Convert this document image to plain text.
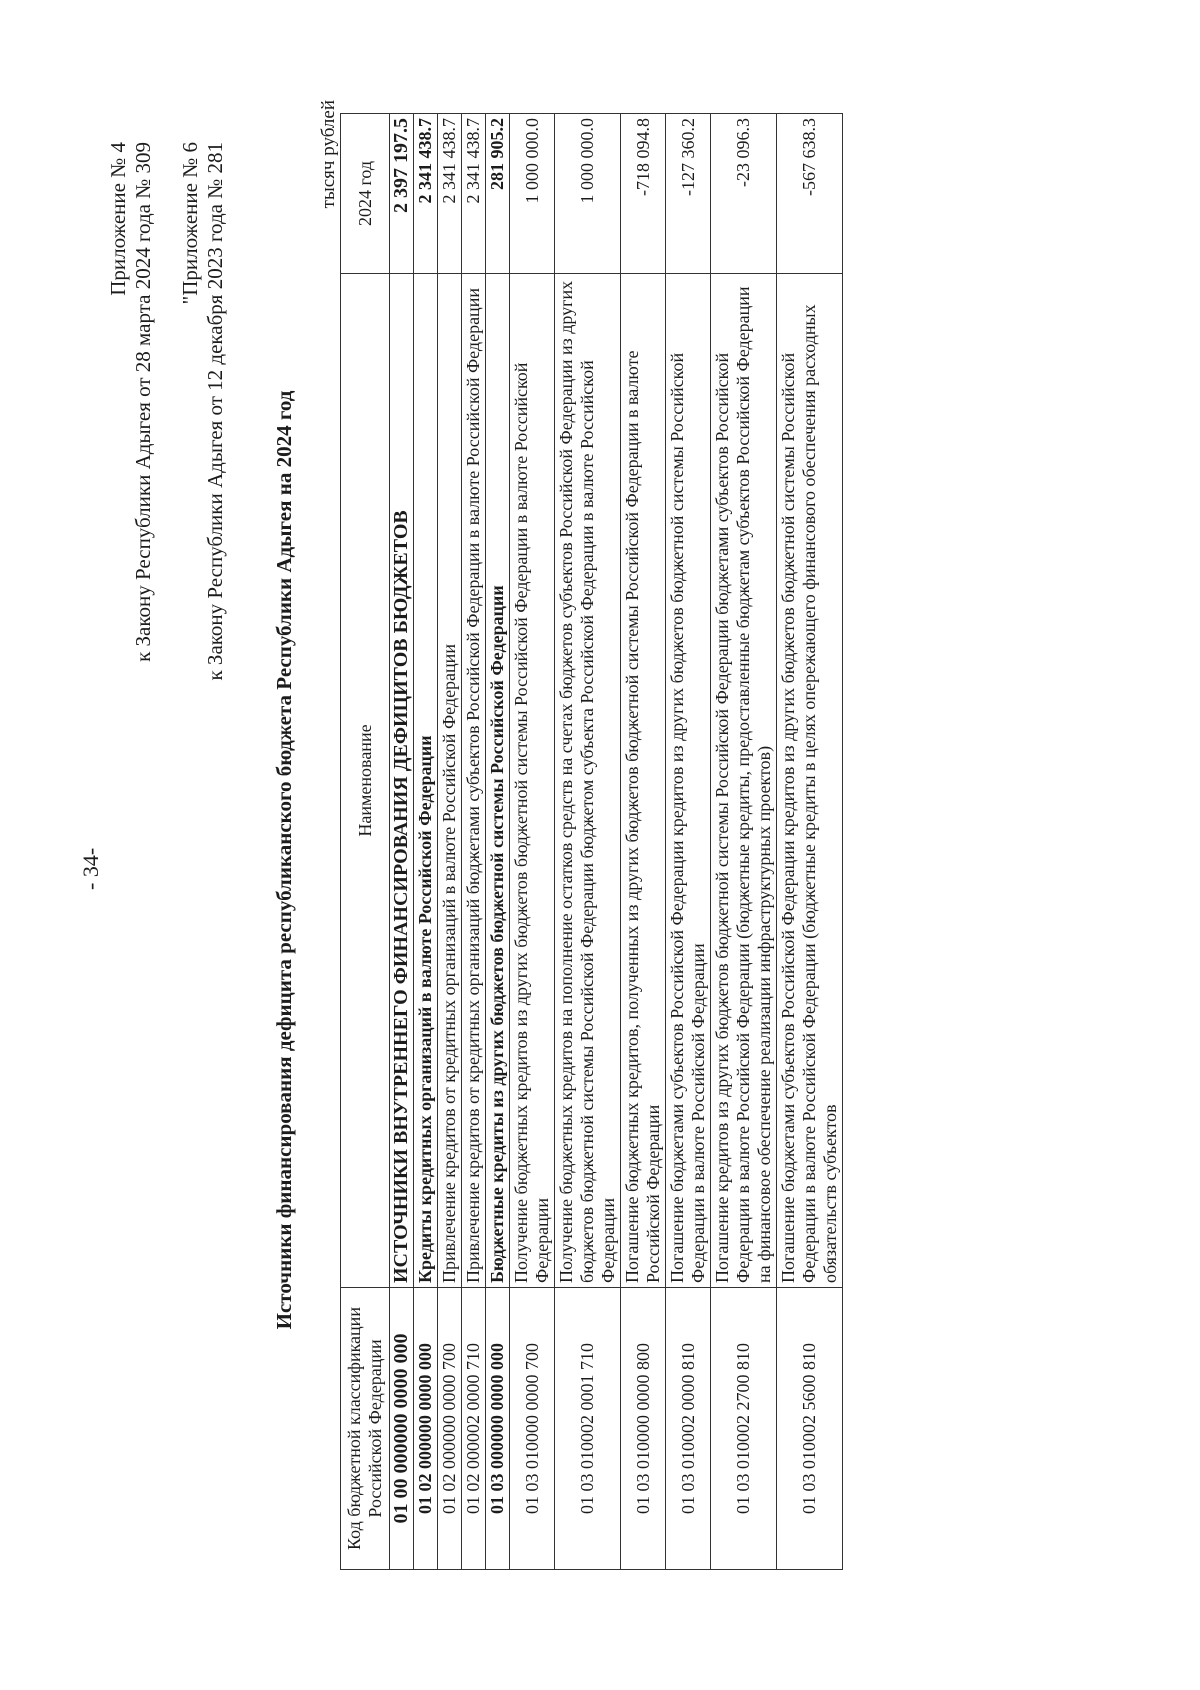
- 34-
Приложение № 4 к Закону Республики Адыгея от 28 марта 2024 года № 309 "Приложение № 6 к Закону Республики Адыгея от 12 декабря 2023 года № 281 Источники финансирования дефицита республиканского бюджета Республики Адыгея на 2024 год
тысяч рублей
Код бюджетной классификации Российской Федерации	Наименование	2024 год
01 00 000000 0000 000	ИСТОЧНИКИ ВНУТРЕННЕГО ФИНАНСИРОВАНИЯ ДЕФИЦИТОВ БЮДЖЕТОВ	2 397 197.5
01 02 000000 0000 000	Кредиты кредитных организаций в валюте Российской Федерации	2 341 438.7
01 02 000000 0000 700	Привлечение кредитов от кредитных организаций в валюте Российской Федерации	2 341 438.7
01 02 000002 0000 710	Привлечение кредитов от кредитных организаций бюджетами субъектов Российской Федерации в валюте Российской Федерации	2 341 438.7
01 03 000000 0000 000	Бюджетные кредиты из других бюджетов бюджетной системы Российской Федерации	281 905.2
01 03 010000 0000 700	Получение бюджетных кредитов из других бюджетов бюджетной системы Российской Федерации в валюте Российской Федерации	1 000 000.0
01 03 010002 0001 710	Получение бюджетных кредитов на пополнение остатков средств на счетах бюджетов субъектов Российской Федерации из других бюджетов бюджетной системы Российской Федерации бюджетом субъекта Российской Федерации в валюте Российской Федерации	1 000 000.0
01 03 010000 0000 800	Погашение бюджетных кредитов, полученных из других бюджетов бюджетной системы Российской Федерации в валюте Российской Федерации	-718 094.8
01 03 010002 0000 810	Погашение бюджетами субъектов Российской Федерации кредитов из других бюджетов бюджетной системы Российской Федерации в валюте Российской Федерации	-127 360.2
01 03 010002 2700 810	Погашение кредитов из других бюджетов бюджетной системы Российской Федерации бюджетами субъектов Российской Федерации в валюте Российской Федерации (бюджетные кредиты, предоставленные бюджетам субъектов Российской Федерации на финансовое обеспечение реализации инфраструктурных проектов)	-23 096.3
01 03 010002 5600 810	Погашение бюджетами субъектов Российской Федерации кредитов из других бюджетов бюджетной системы Российской Федерации в валюте Российской Федерации (бюджетные кредиты в целях опережающего финансового обеспечения расходных обязательств субъектов	-567 638.3
